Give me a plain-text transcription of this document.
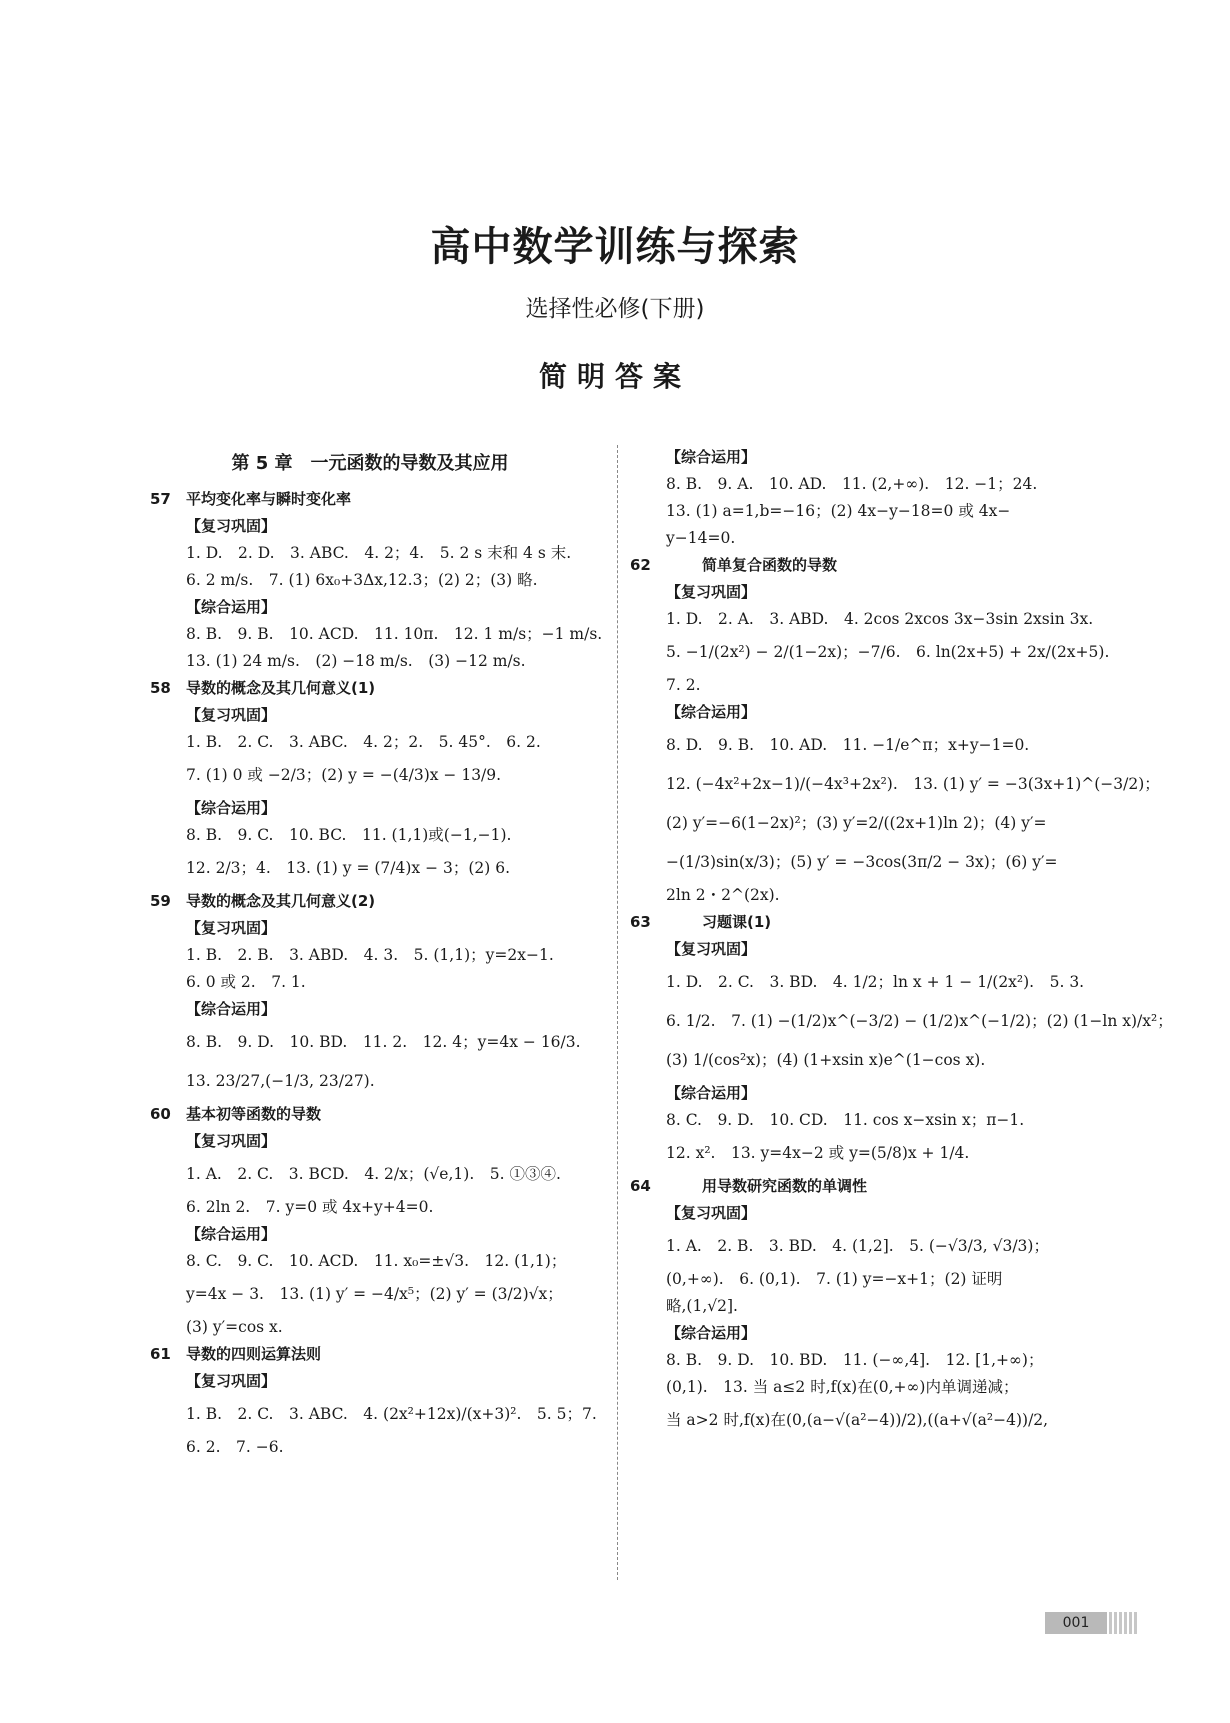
高中数学训练与探索
选择性必修(下册)
简明答案
第 5 章　一元函数的导数及其应用
57	平均变化率与瞬时变化率
【复习巩固】
1. D.　2. D.　3. ABC.　4. 2；4.　5. 2 s 末和 4 s 末.
6. 2 m/s.　7. (1) 6x₀+3Δx,12.3；(2) 2；(3) 略.
【综合运用】
8. B.　9. B.　10. ACD.　11. 10π.　12. 1 m/s；−1 m/s.
13. (1) 24 m/s.　(2) −18 m/s.　(3) −12 m/s.
58	导数的概念及其几何意义(1)
【复习巩固】
1. B.　2. C.　3. ABC.　4. 2；2.　5. 45°.　6. 2.
7. (1) 0 或 −2/3；(2) y = −(4/3)x − 13/9.
【综合运用】
8. B.　9. C.　10. BC.　11. (1,1)或(−1,−1).
12. 2/3；4.　13. (1) y = (7/4)x − 3；(2) 6.
59	导数的概念及其几何意义(2)
【复习巩固】
1. B.　2. B.　3. ABD.　4. 3.　5. (1,1)；y=2x−1.
6. 0 或 2.　7. 1.
【综合运用】
8. B.　9. D.　10. BD.　11. 2.　12. 4；y=4x − 16/3.
13. 23/27,(−1/3, 23/27).
60	基本初等函数的导数
【复习巩固】
1. A.　2. C.　3. BCD.　4. 2/x；(√e,1).　5. ①③④.
6. 2ln 2.　7. y=0 或 4x+y+4=0.
【综合运用】
8. C.　9. C.　10. ACD.　11. x₀=±√3.　12. (1,1)；
y=4x − 3.　13. (1) y′ = −4/x⁵；(2) y′ = (3/2)√x；
(3) y′=cos x.
61	导数的四则运算法则
【复习巩固】
1. B.　2. C.　3. ABC.　4. (2x²+12x)/(x+3)².　5. 5；7.
6. 2.　7. −6.
【综合运用】
8. B.　9. A.　10. AD.　11. (2,+∞).　12. −1；24.
13. (1) a=1,b=−16；(2) 4x−y−18=0 或 4x−
y−14=0.
62	简单复合函数的导数
【复习巩固】
1. D.　2. A.　3. ABD.　4. 2cos 2xcos 3x−3sin 2xsin 3x.
5. −1/(2x²) − 2/(1−2x)；−7/6.　6. ln(2x+5) + 2x/(2x+5).
7. 2.
【综合运用】
8. D.　9. B.　10. AD.　11. −1/e^π；x+y−1=0.
12. (−4x²+2x−1)/(−4x³+2x²).　13. (1) y′ = −3(3x+1)^(−3/2)；
(2) y′=−6(1−2x)²；(3) y′=2/((2x+1)ln 2)；(4) y′=
−(1/3)sin(x/3)；(5) y′ = −3cos(3π/2 − 3x)；(6) y′=
2ln 2・2^(2x).
63	习题课(1)
【复习巩固】
1. D.　2. C.　3. BD.　4. 1/2；ln x + 1 − 1/(2x²).　5. 3.
6. 1/2.　7. (1) −(1/2)x^(−3/2) − (1/2)x^(−1/2)；(2) (1−ln x)/x²；
(3) 1/(cos²x)；(4) (1+xsin x)e^(1−cos x).
【综合运用】
8. C.　9. D.　10. CD.　11. cos x−xsin x；π−1.
12. x².　13. y=4x−2 或 y=(5/8)x + 1/4.
64	用导数研究函数的单调性
【复习巩固】
1. A.　2. B.　3. BD.　4. (1,2].　5. (−√3/3, √3/3)；
(0,+∞).　6. (0,1).　7. (1) y=−x+1；(2) 证明
略,(1,√2].
【综合运用】
8. B.　9. D.　10. BD.　11. (−∞,4].　12. [1,+∞)；
(0,1).　13. 当 a≤2 时,f(x)在(0,+∞)内单调递减；
当 a>2 时,f(x)在(0,(a−√(a²−4))/2),((a+√(a²−4))/2,
001
